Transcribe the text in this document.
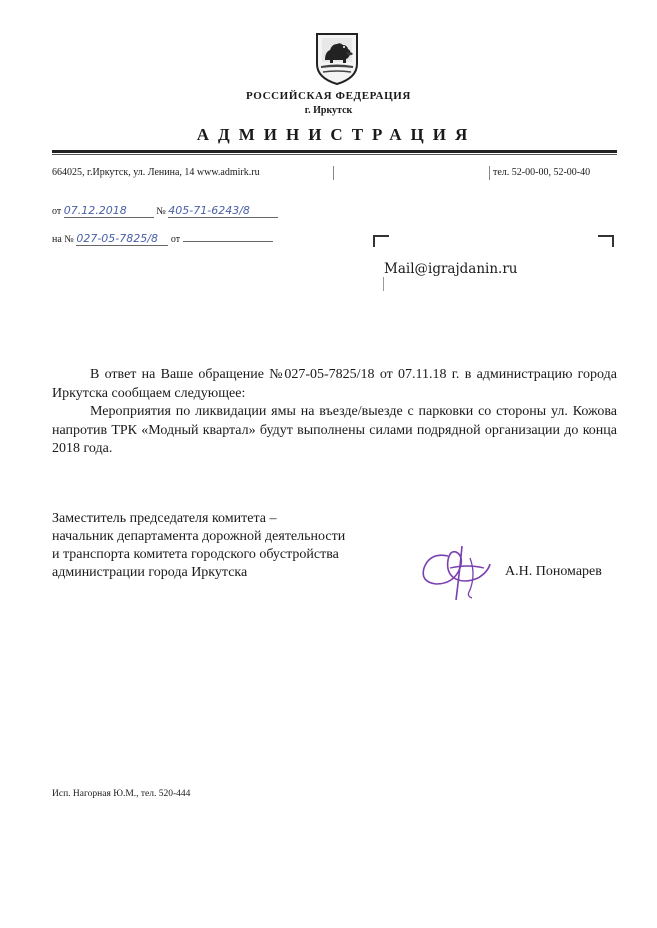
РОССИЙСКАЯ ФЕДЕРАЦИЯ
г. Иркутск
АДМИНИСТРАЦИЯ
664025, г.Иркутск, ул. Ленина, 14 www.admirk.ru	тел. 52-00-00, 52-00-40
от 07.12.2018	№ 405-71-6243/8
на № 027-05-7825/8 от
Mail@igrajdanin.ru

В ответ на Ваше обращение №027-05-7825/18 от 07.11.18 г. в администрацию города Иркутска сообщаем следующее:

Мероприятия по ликвидации ямы на въезде/выезде с парковки со стороны ул. Кожова напротив ТРК «Модный квартал» будут выполнены силами подрядной организации до конца 2018 года.

Заместитель председателя комитета –
начальник департамента дорожной деятельности
и транспорта комитета городского обустройства
администрации города Иркутска	А.Н. Пономарев
Исп. Нагорная Ю.М., тел. 520-444
